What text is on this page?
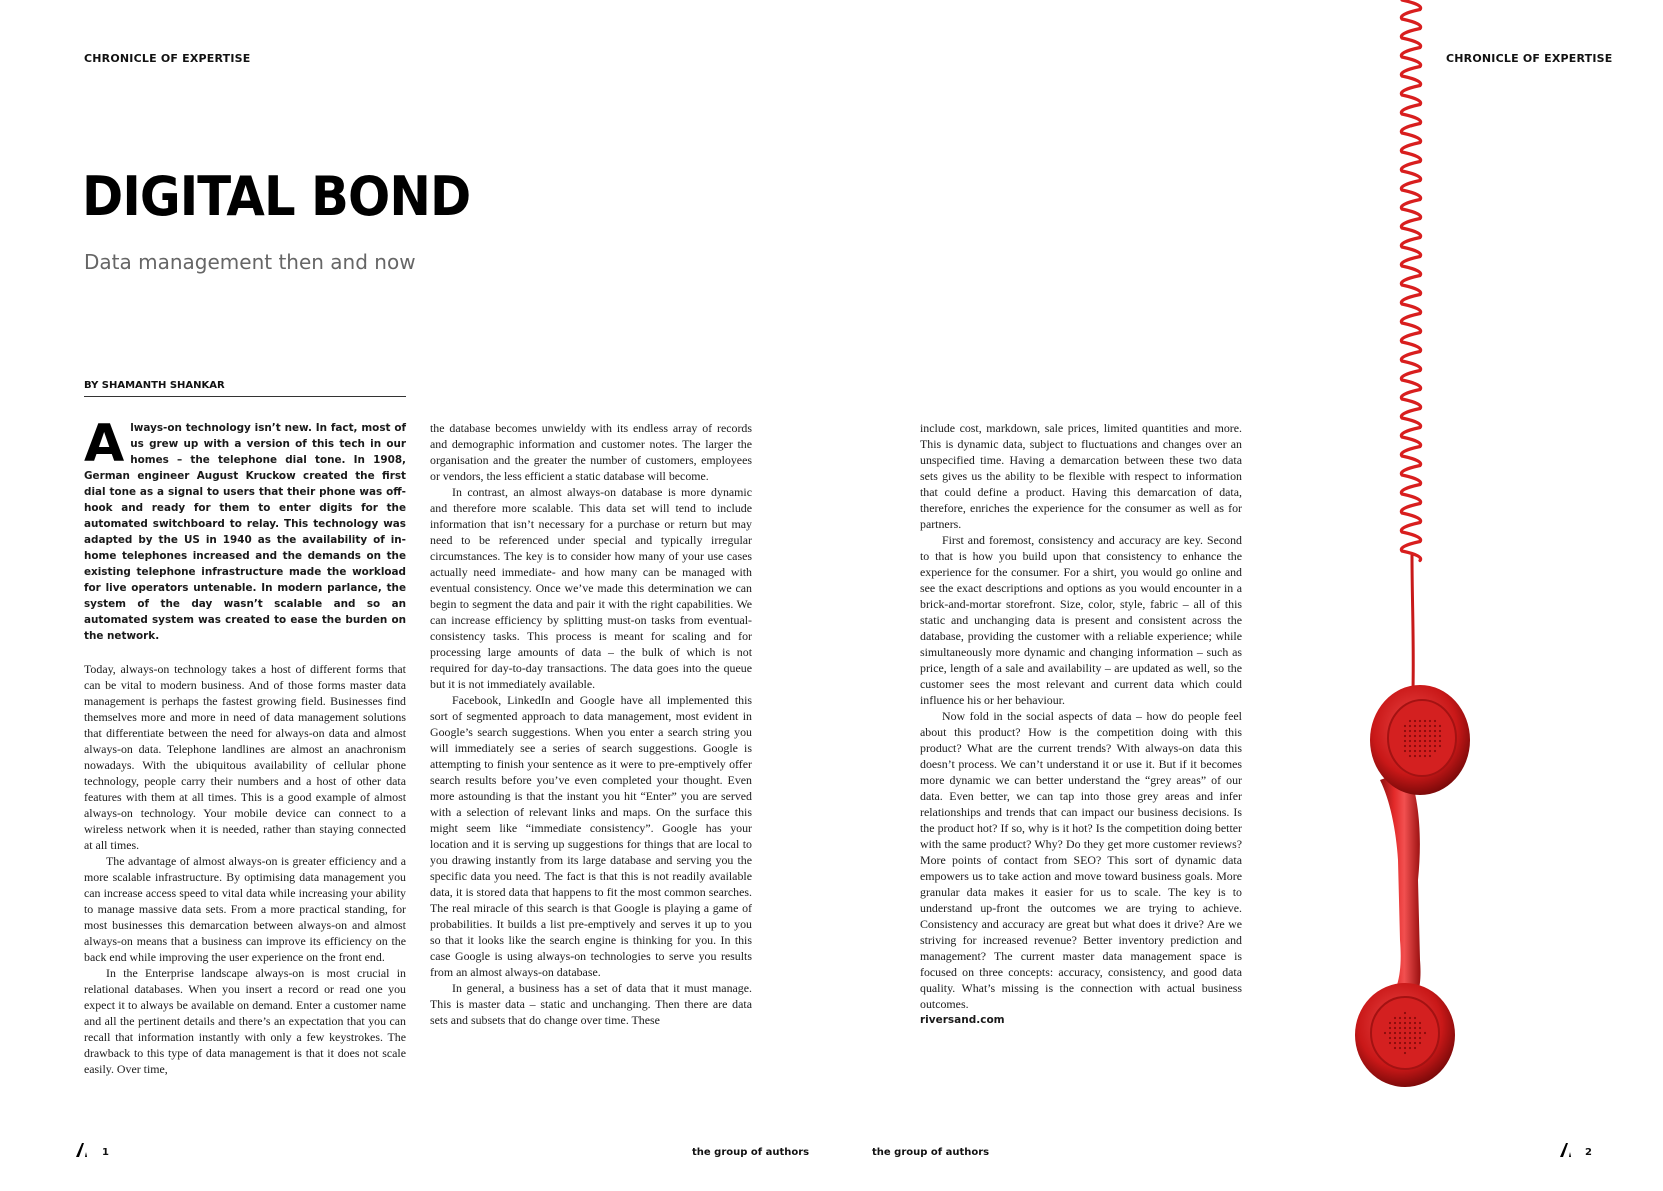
CHRONICLE OF EXPERTISE	CHRONICLE OF EXPERTISE
DIGITAL BOND
Data management then and now
BY SHAMANTH SHANKAR
Always-on technology isn’t new. In fact, most of us grew up with a version of this tech in our homes – the telephone dial tone. In 1908, German engineer August Kruckow created the first dial tone as a signal to users that their phone was off-hook and ready for them to enter digits for the automated switchboard to relay. This technology was adapted by the US in 1940 as the availability of in-home telephones increased and the demands on the existing telephone infrastructure made the workload for live operators untenable. In modern parlance, the system of the day wasn’t scalable and so an automated system was created to ease the burden on the network.

Today, always-on technology takes a host of different forms that can be vital to modern business. And of those forms master data management is perhaps the fastest growing field. Businesses find themselves more and more in need of data management solutions that differentiate between the need for always-on data and almost always-on data. Telephone landlines are almost an anachronism nowadays. With the ubiquitous availability of cellular phone technology, people carry their numbers and a host of other data features with them at all times. This is a good example of almost always-on technology. Your mobile device can connect to a wireless network when it is needed, rather than staying connected at all times.

The advantage of almost always-on is greater efficiency and a more scalable infrastructure. By optimising data management you can increase access speed to vital data while increasing your ability to manage massive data sets. From a more practical standing, for most businesses this demarcation between always-on and almost always-on means that a business can improve its efficiency on the back end while improving the user experience on the front end.

In the Enterprise landscape always-on is most crucial in relational databases. When you insert a record or read one you expect it to always be available on demand. Enter a customer name and all the pertinent details and there’s an expectation that you can recall that information instantly with only a few keystrokes. The drawback to this type of data management is that it does not scale easily. Over time,

the database becomes unwieldy with its endless array of records and demographic information and customer notes. The larger the organisation and the greater the number of customers, employees or vendors, the less efficient a static database will become.

In contrast, an almost always-on database is more dynamic and therefore more scalable. This data set will tend to include information that isn’t necessary for a purchase or return but may need to be referenced under special and typically irregular circumstances. The key is to consider how many of your use cases actually need immediate- and how many can be managed with eventual consistency. Once we’ve made this determination we can begin to segment the data and pair it with the right capabilities. We can increase efficiency by splitting must-on tasks from eventual-consistency tasks. This process is meant for scaling and for processing large amounts of data – the bulk of which is not required for day-to-day transactions. The data goes into the queue but it is not immediately available.

Facebook, LinkedIn and Google have all implemented this sort of segmented approach to data management, most evident in Google’s search suggestions. When you enter a search string you will immediately see a series of search suggestions. Google is attempting to finish your sentence as it were to pre-emptively offer search results before you’ve even completed your thought. Even more astounding is that the instant you hit “Enter” you are served with a selection of relevant links and maps. On the surface this might seem like “immediate consistency”. Google has your location and it is serving up suggestions for things that are local to you drawing instantly from its large database and serving you the specific data you need. The fact is that this is not readily available data, it is stored data that happens to fit the most common searches. The real miracle of this search is that Google is playing a game of probabilities. It builds a list pre-emptively and serves it up to you so that it looks like the search engine is thinking for you. In this case Google is using always-on technologies to serve you results from an almost always-on database.

In general, a business has a set of data that it must manage. This is master data – static and unchanging. Then there are data sets and subsets that do change over time. These

include cost, markdown, sale prices, limited quantities and more. This is dynamic data, subject to fluctuations and changes over an unspecified time. Having a demarcation between these two data sets gives us the ability to be flexible with respect to information that could define a product. Having this demarcation of data, therefore, enriches the experience for the consumer as well as for partners.

First and foremost, consistency and accuracy are key. Second to that is how you build upon that consistency to enhance the experience for the consumer. For a shirt, you would go online and see the exact descriptions and options as you would encounter in a brick-and-mortar storefront. Size, color, style, fabric – all of this static and unchanging data is present and consistent across the database, providing the customer with a reliable experience; while simultaneously more dynamic and changing information – such as price, length of a sale and availability – are updated as well, so the customer sees the most relevant and current data which could influence his or her behaviour.

Now fold in the social aspects of data – how do people feel about this product? How is the competition doing with this product? What are the current trends? With always-on data this doesn’t process. We can’t understand it or use it. But if it becomes more dynamic we can better understand the “grey areas” of our data. Even better, we can tap into those grey areas and infer relationships and trends that can impact our business decisions. Is the product hot? If so, why is it hot? Is the competition doing better with the same product? Why? Do they get more customer reviews? More points of contact from SEO? This sort of dynamic data empowers us to take action and move toward business goals. More granular data makes it easier for us to scale. The key is to understand up-front the outcomes we are trying to achieve. Consistency and accuracy are great but what does it drive? Are we striving for increased revenue? Better inventory prediction and management? The current master data management space is focused on three concepts: accuracy, consistency, and good data quality. What’s missing is the connection with actual business outcomes.

riversand.com

1	the group of authors	the group of authors	2
